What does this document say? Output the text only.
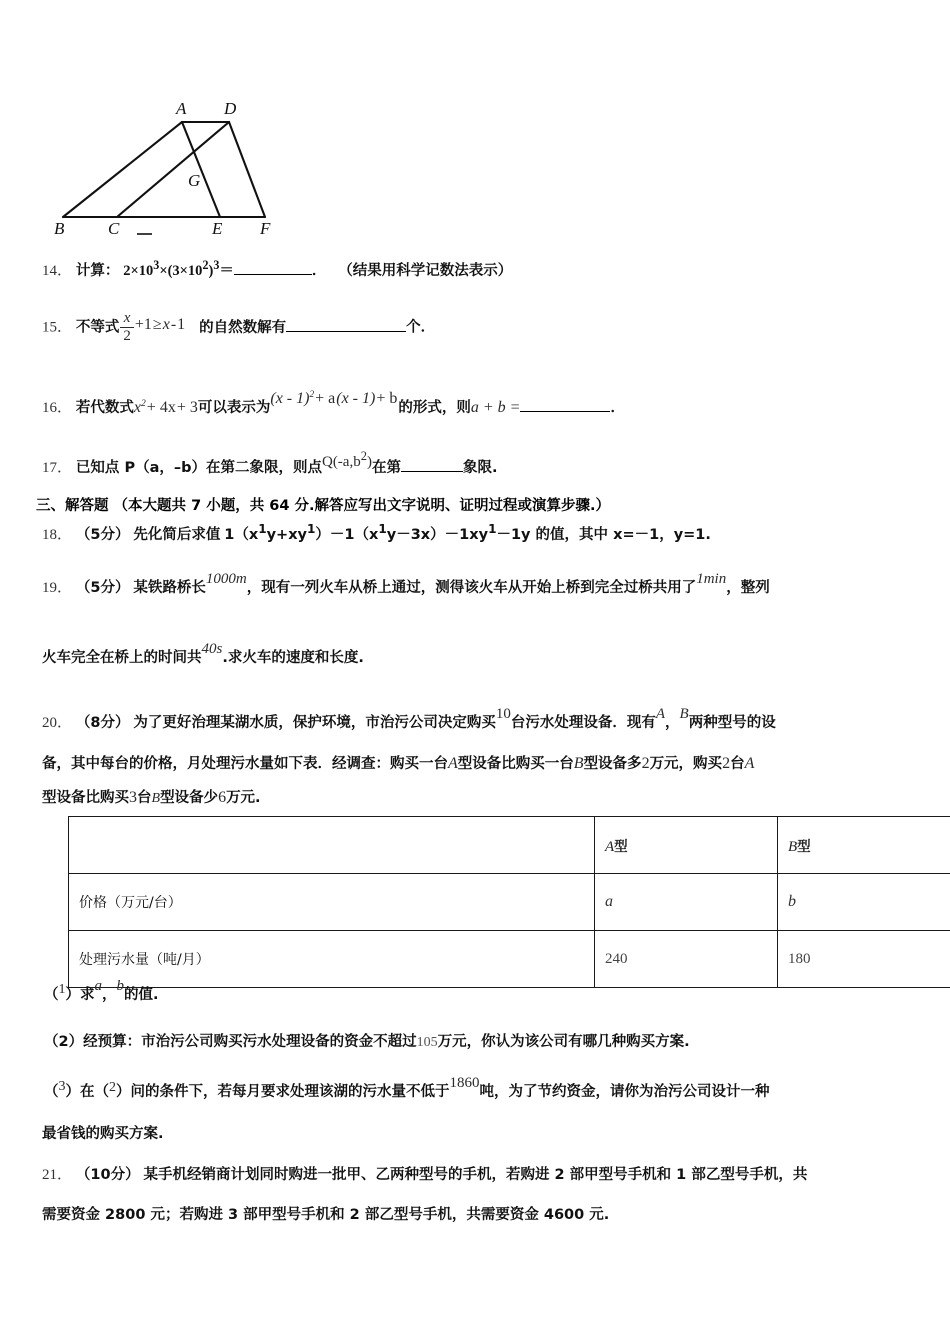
A D
G
B	C	E F
14． 计算： $2\times 10^3\times(3\times 10^2)^3=$	． （结果用科学记数法表示）
15． 不等式 $\frac{x}{2} +1\ge x-1$ 的自然数解有	个．
16． 若代数式$x^2+ 4x+ 3$可以表示为(x - 1)$^2$+ a(x - 1)+ b的形式，则a + b =	．
17． 已知点 P（a，–b）在第二象限，则点$Q(-a,b^2)$在第	象限.
三、解答题 （本大题共 7 小题，共 64 分.解答应写出文字说明、证明过程或演算步骤.）
18． （5分） 先化简后求值 $1(x^1y+xy^1)-1(x^1y-3x)-1xy^1-1y$ 的值，其中 x=－1，y=1.
19． （5分） 某铁路桥长1000m，现有一列火车从桥上通过，测得该火车从开始上桥到完全过桥共用了1min，整列
火车完全在桥上的时间共40s.求火车的速度和长度.
20． （8分） 为了更好治理某湖水质，保护环境，市治污公司决定购买10台污水处理设备．现有A，B两种型号的设
备，其中每台的价格，月处理污水量如下表．经调查：购买一台A型设备比购买一台B型设备多2万元，购买2台A
型设备比购买3台B型设备少6万元.
	A型	B型
价格（万元/台）	a	b
处理污水量（吨/月）	240	180
（1）求a，b的值.
（2）经预算：市治污公司购买污水处理设备的资金不超过105万元，你认为该公司有哪几种购买方案.
（3）在（2）问的条件下，若每月要求处理该湖的污水量不低于1860吨，为了节约资金，请你为治污公司设计一种
最省钱的购买方案.
21． （10分） 某手机经销商计划同时购进一批甲、乙两种型号的手机，若购进 2 部甲型号手机和 1 部乙型号手机，共
需要资金 2800 元；若购进 3 部甲型号手机和 2 部乙型号手机，共需要资金 4600 元.
